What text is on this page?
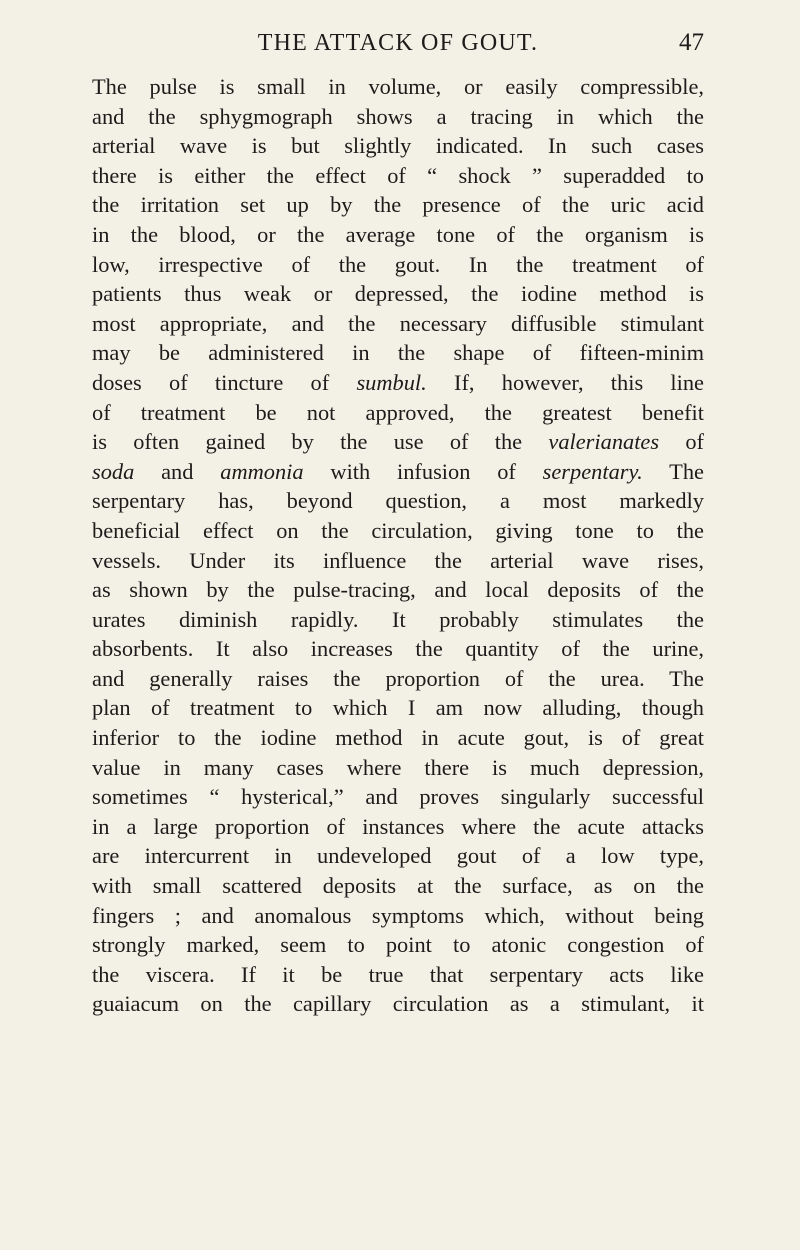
THE ATTACK OF GOUT.	47
The pulse is small in volume, or easily compressible,
and the sphygmograph shows a tracing in which the
arterial wave is but slightly indicated. In such cases
there is either the effect of “ shock ” superadded to
the irritation set up by the presence of the uric acid
in the blood, or the average tone of the organism is
low, irrespective of the gout. In the treatment of
patients thus weak or depressed, the iodine method is
most appropriate, and the necessary diffusible stimulant
may be administered in the shape of fifteen-minim
doses of tincture of sumbul. If, however, this line
of treatment be not approved, the greatest benefit
is often gained by the use of the valerianates of
soda and ammonia with infusion of serpentary. The
serpentary has, beyond question, a most markedly
beneficial effect on the circulation, giving tone to the
vessels. Under its influence the arterial wave rises,
as shown by the pulse-tracing, and local deposits of the
urates diminish rapidly. It probably stimulates the
absorbents. It also increases the quantity of the urine,
and generally raises the proportion of the urea. The
plan of treatment to which I am now alluding, though
inferior to the iodine method in acute gout, is of great
value in many cases where there is much depression,
sometimes “ hysterical,” and proves singularly successful
in a large proportion of instances where the acute attacks
are intercurrent in undeveloped gout of a low type,
with small scattered deposits at the surface, as on the
fingers ; and anomalous symptoms which, without being
strongly marked, seem to point to atonic congestion of
the viscera. If it be true that serpentary acts like
guaiacum on the capillary circulation as a stimulant, it
